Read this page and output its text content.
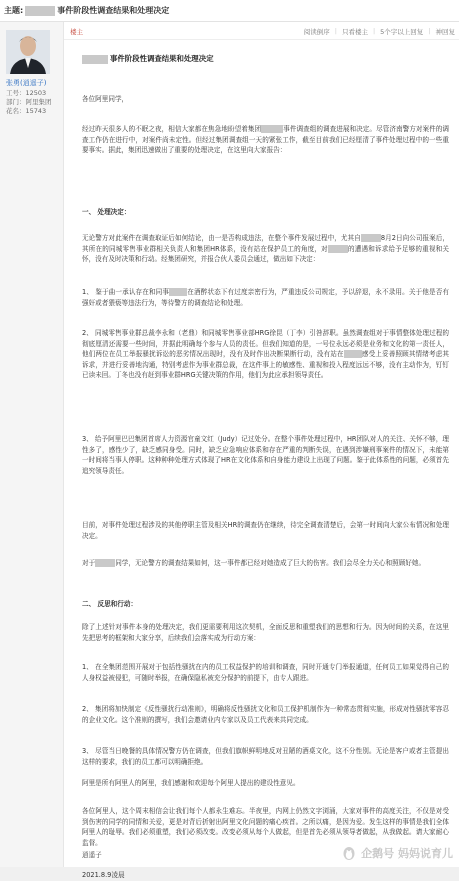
主题:	事件阶段性调查结果和处理决定
张勇(逍遥子)
工号：12503
部门：阿里集团
花名：15743
楼主	阅读倒序 | 只看楼主 | 5个字以上回复 | 神回复
事件阶段性调查结果和处理决定
各位阿里同学，
经过昨天很多人的不眠之夜，相信大家都在焦急地盼望着集团	事件调查组的调查进展和决定。尽管济南警方对案件的调查工作仍在进行中，对案件尚未定性。但经过集团调查组一天的紧张工作，截至目前我们已经厘清了事件处理过程中的一些重要事实。据此，集团迅速做出了重要的处理决定，在这里向大家报告：
一、 处理决定：
无论警方对此案件在调查取证后如何结论，由一是否构成违法，在整个事件发展过程中，尤其自	8月2日向公司报案后，其所在的同城零售事业群相关负责人和集团HR体系，没有站在保护员工的角度，对	的遭遇和诉求给予足够的重视和关怀，没有及时决策和行动。经集团研究，并报合伙人委员会通过，做出如下决定：
1、 鉴于曲一承认存在和同事	在酒醉状态下有过度亲密行为，严重违反公司规定，予以辞退，永不录用。关于他是否有强奸或者猥亵等违法行为，等待警方的调查结论和处理。
2、 同城零售事业群总裁李永和（老鼎）和同城零售事业部HRG徐昆（丁李）引咎辞职。虽然调查组对于事情整体处理过程的彻底厘清还需要一些时间，并据此明确每个参与人员的责任。但我们知道的是，一号位永远必须是业务和文化的第一责任人，他们两位在员工举报骚扰诉讼的恶劣情况出现时，没有及时作出决断果断行动，没有站在	感受上妥善照顾其情绪考虑其诉求，并进行妥善地沟通，特别考虑作为事业群总裁，在这件事上的敏感性、重视和投入程度远远不够，没有主动作为，钉钉已读未回。丁冬也没有赶到事业群HRG关键决策的作用，他们为此应承担领导责任。
3、 给予阿里巴巴集团首席人力资源官童文红（Judy）记过处分。在整个事件处理过程中，HR团队对人的关注、关怀不够，理性多了，感性少了，缺乏感同身受。同时，缺乏应急响应体系和存在严重的判断失误，在遇到涉嫌刑事案件的情况下，未能第一时间将当事人停职。这种种种处理方式体现了HR在文化体系和自身能力建设上出现了问题。鉴于此体系性的问题，必须首先追究领导责任。
目前，对事件处理过程涉及的其他停职主管及相关HR的调查仍在继续，待完全调查清楚后，会第一时间向大家公布情况和处理决定。
对于	同学，无论警方的调查结果如何，这一事件都已经对她造成了巨大的伤害。我们会尽全力关心和照顾好她。
二、 反思和行动：
除了上述针对事件本身的处理决定，我们更需要利用这次契机，全面反思和重塑我们的思想和行为。因为时间的关系，在这里先把思考的框架和大家分享，后续我们会落实成为行动方案：
1、 在全集团范围开展对于包括性骚扰在内的员工权益保护的培训和调查，同时开通专门举报通道，任何员工如果觉得自己的人身权益被侵犯，可随时举报，在确保隐私被充分保护的前提下，由专人跟进。
2、 集团将加快制定《反性骚扰行动准则》，明确将反性骚扰文化和员工保护机制作为一种常态贯彻实施，形成对性骚扰零容忍的企业文化。这个准则的撰写，我们会邀请业内专家以及员工代表来共同完成。
3、 尽管当日晚餐的具体情况警方仍在调查，但我们旗帜鲜明地反对丑陋的酒桌文化，这不分性别。无论是客户或者主管提出这样的要求，我们的员工都可以明确拒绝。
阿里是所有阿里人的阿里，我们感谢和欢迎每个阿里人提出的建设性意见。
各位阿里人，这个周末相信会让我们每个人都永生难忘。半夜里，内网上仍然文字浏涌，大家对事件的高度关注，不仅是对受到伤害的同学的同情和关爱，更是对背后折射出阿里文化问题的痛心疾首。之所以痛，是因为爱。发生这样的事情是我们全体阿里人的耻辱。我们必须重塑，我们必须改变。改变必须从每个人做起，但是首先必须从领导者做起，从我做起。请大家耐心监督。
逍遥子
2021.8.9凌晨
企鹅号 妈妈说育儿
